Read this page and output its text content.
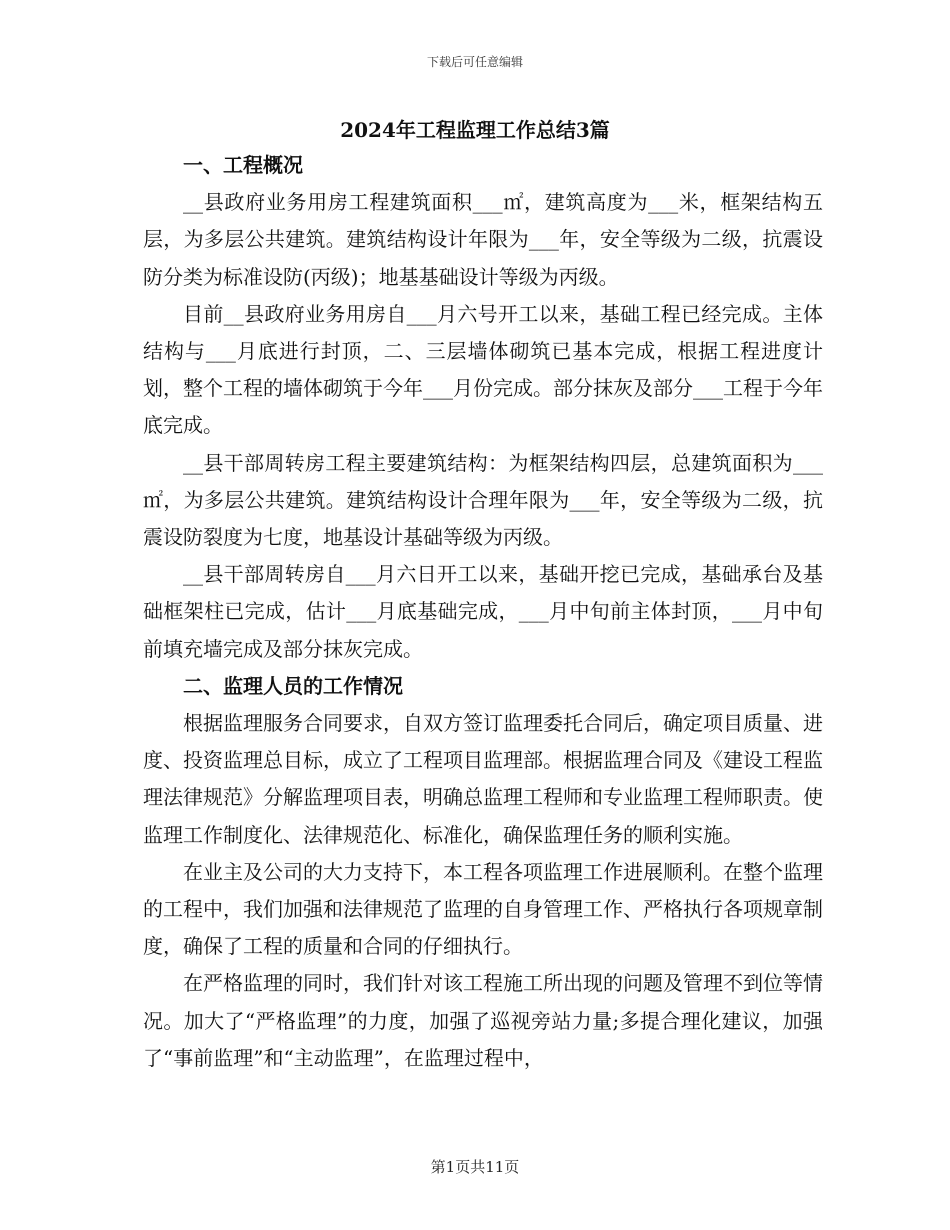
下载后可任意编辑
2024年工程监理工作总结3篇
一、工程概况

__县政府业务用房工程建筑面积___㎡，建筑高度为___米，框架结构五层，为多层公共建筑。建筑结构设计年限为___年，安全等级为二级，抗震设防分类为标准设防(丙级)；地基基础设计等级为丙级。

目前__县政府业务用房自___月六号开工以来，基础工程已经完成。主体结构与___月底进行封顶，二、三层墙体砌筑已基本完成，根据工程进度计划，整个工程的墙体砌筑于今年___月份完成。部分抹灰及部分___工程于今年底完成。

__县干部周转房工程主要建筑结构：为框架结构四层，总建筑面积为___㎡，为多层公共建筑。建筑结构设计合理年限为___年，安全等级为二级，抗震设防裂度为七度，地基设计基础等级为丙级。

__县干部周转房自___月六日开工以来，基础开挖已完成，基础承台及基础框架柱已完成，估计___月底基础完成，___月中旬前主体封顶，___月中旬前填充墙完成及部分抹灰完成。

二、监理人员的工作情况

根据监理服务合同要求，自双方签订监理委托合同后，确定项目质量、进度、投资监理总目标，成立了工程项目监理部。根据监理合同及《建设工程监理法律规范》分解监理项目表，明确总监理工程师和专业监理工程师职责。使监理工作制度化、法律规范化、标准化，确保监理任务的顺利实施。

在业主及公司的大力支持下，本工程各项监理工作进展顺利。在整个监理的工程中，我们加强和法律规范了监理的自身管理工作、严格执行各项规章制度，确保了工程的质量和合同的仔细执行。

在严格监理的同时，我们针对该工程施工所出现的问题及管理不到位等情况。加大了“严格监理”的力度，加强了巡视旁站力量;多提合理化建议，加强了“事前监理”和“主动监理”，在监理过程中，

第1页共11页
